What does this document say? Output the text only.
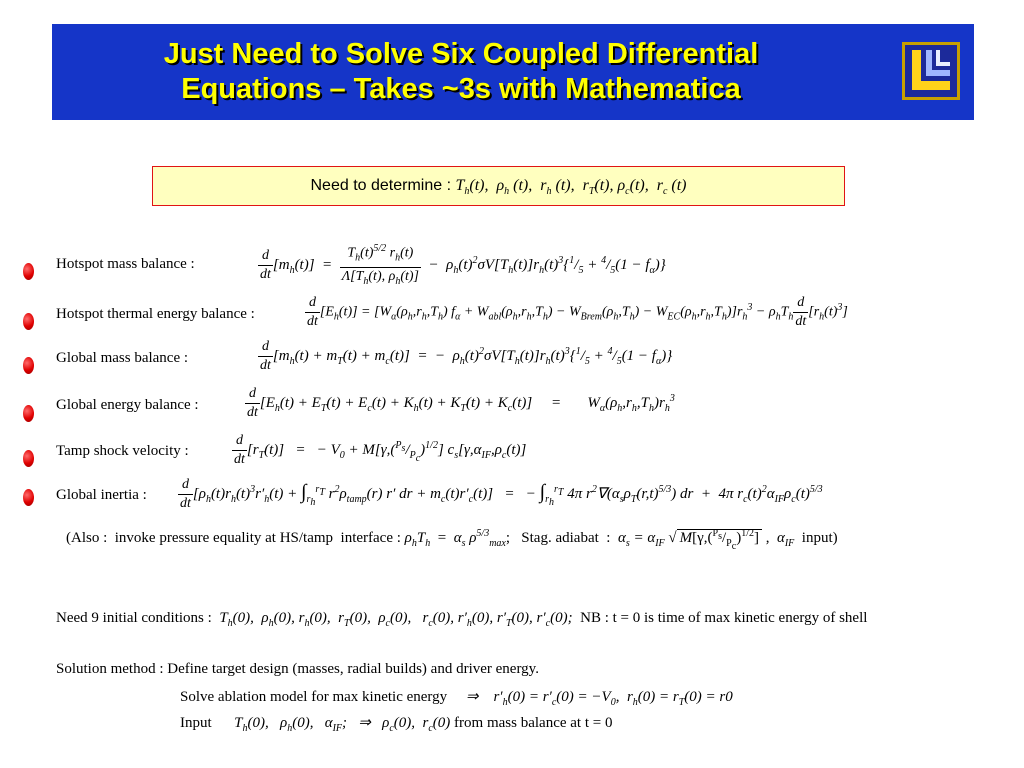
Just Need to Solve Six Coupled Differential
Equations – Takes ~3s with Mathematica
Need to determine : $T_h(t)$,  $\rho_h$ (t),  $r_h$ (t),  $r_T(t)$, $\rho_c(t)$,  $r_c$ (t)
Hotspot mass balance :	$\frac{d}{dt} [m_h(t)] = \frac{T_h(t)^{5/2} r_h(t)}{\Lambda[T_h(t), \rho_h(t)]} - \rho_h(t)^2\sigma V[T_h(t)]r_h(t)^3\{^1/_5 + ^4/_5(1 - f_\alpha)\}$
Hotspot thermal energy balance :	$\frac{d}{dt} [E_h(t)] = [W_\alpha(\rho_h,r_h,T_h) f_\alpha + W_{abl}(\rho_h,r_h,T_h) - W_{Brem}(\rho_h,T_h) - W_{EC}(\rho_h,r_h,T_h)]r_h^3 - \rho_hT_h \frac{d}{dt} [r_h(t)^3]$
Global mass balance :	$\frac{d}{dt} [m_h(t) + m_T(t) + m_c(t)]$  =  −  $\rho_h(t)^2\sigma V[T_h(t)]r_h(t)^3\{^1/_5 + ^4/_5(1 - f_\alpha)\}$
Global energy balance :	$\frac{d}{dt} [E_h(t) + E_T(t) + E_c(t) + K_h(t) + K_T(t) + K_c(t)]$     =       $W_\alpha(\rho_h,r_h,T_h)r_h^3$
Tamp shock velocity :	$\frac{d}{dt} [r_T(t)]$   =   − $V_0 + M[\gamma,(^{P_s}/_{P_c})^{1/2}]$ $c_s[\gamma,\alpha_{IF},\rho_c(t)]$
Global inertia : $\frac{d}{dt} [\rho_h(t)r_h(t)^3r'_h(t) + \int_{r_h}^{r_T}$ $r^2\rho_{tamp}(r)$ r′ dr + $m_c(t)r'_c(t)$]   =   − $\int_{r_h}^{r_T}$ 4π $r^2\nabla(\alpha_s\rho_T(r,t)^{5/3})$ dr  +  4π $r_c(t)^2\alpha_{IF}\rho_c(t)^{5/3}$
(Also :  invoke pressure equality at HS/tamp  interface : $\rho_hT_h = \alpha_s$ $\rho^{5/3}_{max}$;   Stag. adiabat  :  $\alpha_s = \alpha_{IF}$ √ $M[\gamma,(^{P_s}/_{P_c})^{1/2}]$ ,  $\alpha_{IF}$  input)
Need 9 initial conditions :  $T_h(0)$,  $\rho_h(0)$, $r_h(0)$,  $r_T(0)$,  $\rho_c(0)$,   $r_c(0)$, $r'_h(0)$, $r'_T(0)$, $r'_c(0)$; NB : t = 0 is time of max kinetic energy of shell
Solution method : Define target design (masses, radial builds) and driver energy.
Solve ablation model for max kinetic energy     ⇒    $r'_h(0) = r'_c(0) = -V_0$,  $r_h(0) = r_T(0) = r0$
Input      $T_h(0)$,   $\rho_h(0)$,   $\alpha_{IF}$;   ⇒   $\rho_c(0)$,  $r_c(0)$ from mass balance at t = 0
